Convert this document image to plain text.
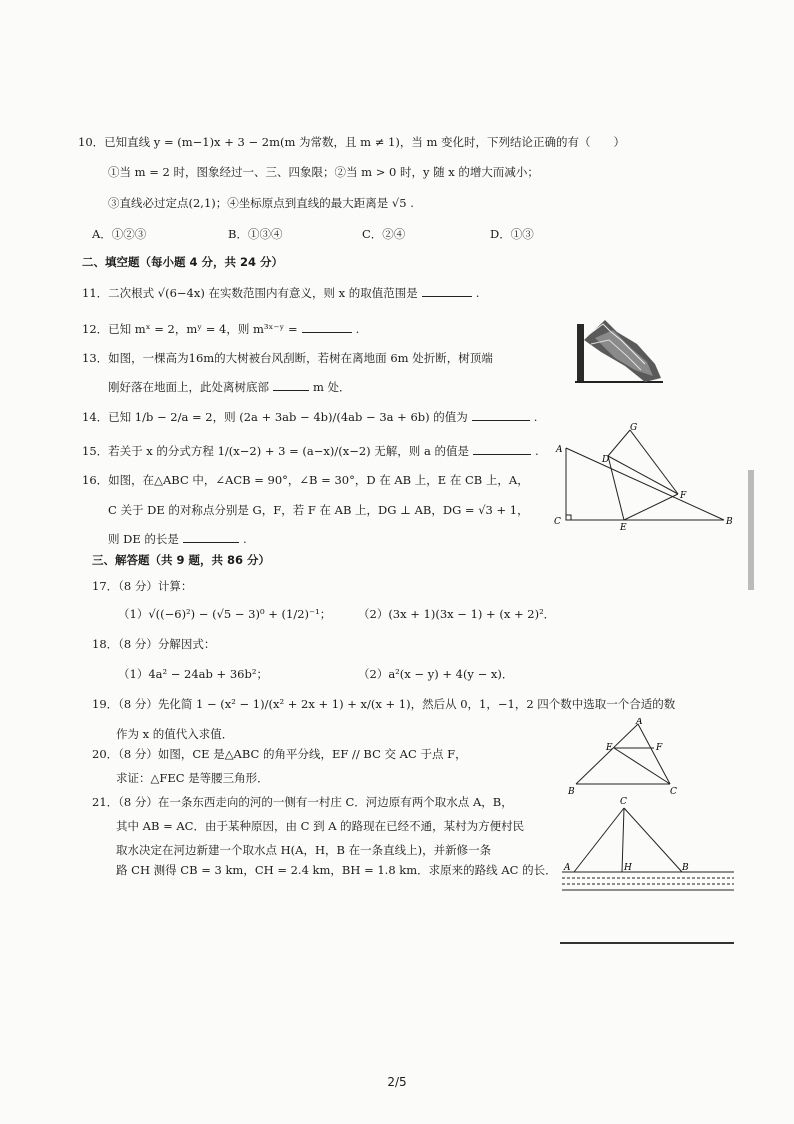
10．已知直线 y = (m−1)x + 3 − 2m(m 为常数，且 m ≠ 1)，当 m 变化时，下列结论正确的有（　　）
①当 m = 2 时，图象经过一、三、四象限；②当 m > 0 时，y 随 x 的增大而减小；
③直线必过定点(2,1)；④坐标原点到直线的最大距离是 √5 .
A．①②③	B．①③④	C．②④	D．①③
二、填空题（每小题 4 分，共 24 分）
11．二次根式 √(6−4x) 在实数范围内有意义，则 x 的取值范围是	.
12．已知 mˣ = 2，mʸ = 4，则 m³ˣ⁻ʸ =	.
13．如图，一棵高为16m的大树被台风刮断，若树在离地面 6m 处折断，树顶端
刚好落在地面上，此处离树底部	m 处．
14．已知 1/b − 2/a = 2，则 (2a + 3ab − 4b)/(4ab − 3a + 6b) 的值为	.
15．若关于 x 的分式方程 1/(x−2) + 3 = (a−x)/(x−2) 无解，则 a 的值是	.
16．如图，在△ABC 中，∠ACB = 90°，∠B = 30°，D 在 AB 上，E 在 CB 上，A，
C 关于 DE 的对称点分别是 G，F，若 F 在 AB 上，DG ⊥ AB，DG = √3 + 1，
则 DE 的长是	.
三、解答题（共 9 题，共 86 分）
17．（8 分）计算：
（1）√((−6)²) − (√5 − 3)⁰ + (1/2)⁻¹； （2）(3x + 1)(3x − 1) + (x + 2)²．
18．（8 分）分解因式：
（1）4a² − 24ab + 36b²；	（2）a²(x − y) + 4(y − x)．
19．（8 分）先化简 1 − (x² − 1)/(x² + 2x + 1) + x/(x + 1)，然后从 0，1，−1，2 四个数中选取一个合适的数
作为 x 的值代入求值．
20．（8 分）如图，CE 是△ABC 的角平分线，EF // BC 交 AC 于点 F，
求证：△FEC 是等腰三角形．
21．（8 分）在一条东西走向的河的一侧有一村庄 C．河边原有两个取水点 A，B，
其中 AB = AC．由于某种原因，由 C 到 A 的路现在已经不通，某村为方便村民
取水决定在河边新建一个取水点 H(A，H，B 在一条直线上)，并新修一条
路 CH 测得 CB = 3 km，CH = 2.4 km，BH = 1.8 km．求原来的路线 AC 的长．
A
G
D
F
C
E
B
A
E	F
B	C
C
A	H	B
2/5
